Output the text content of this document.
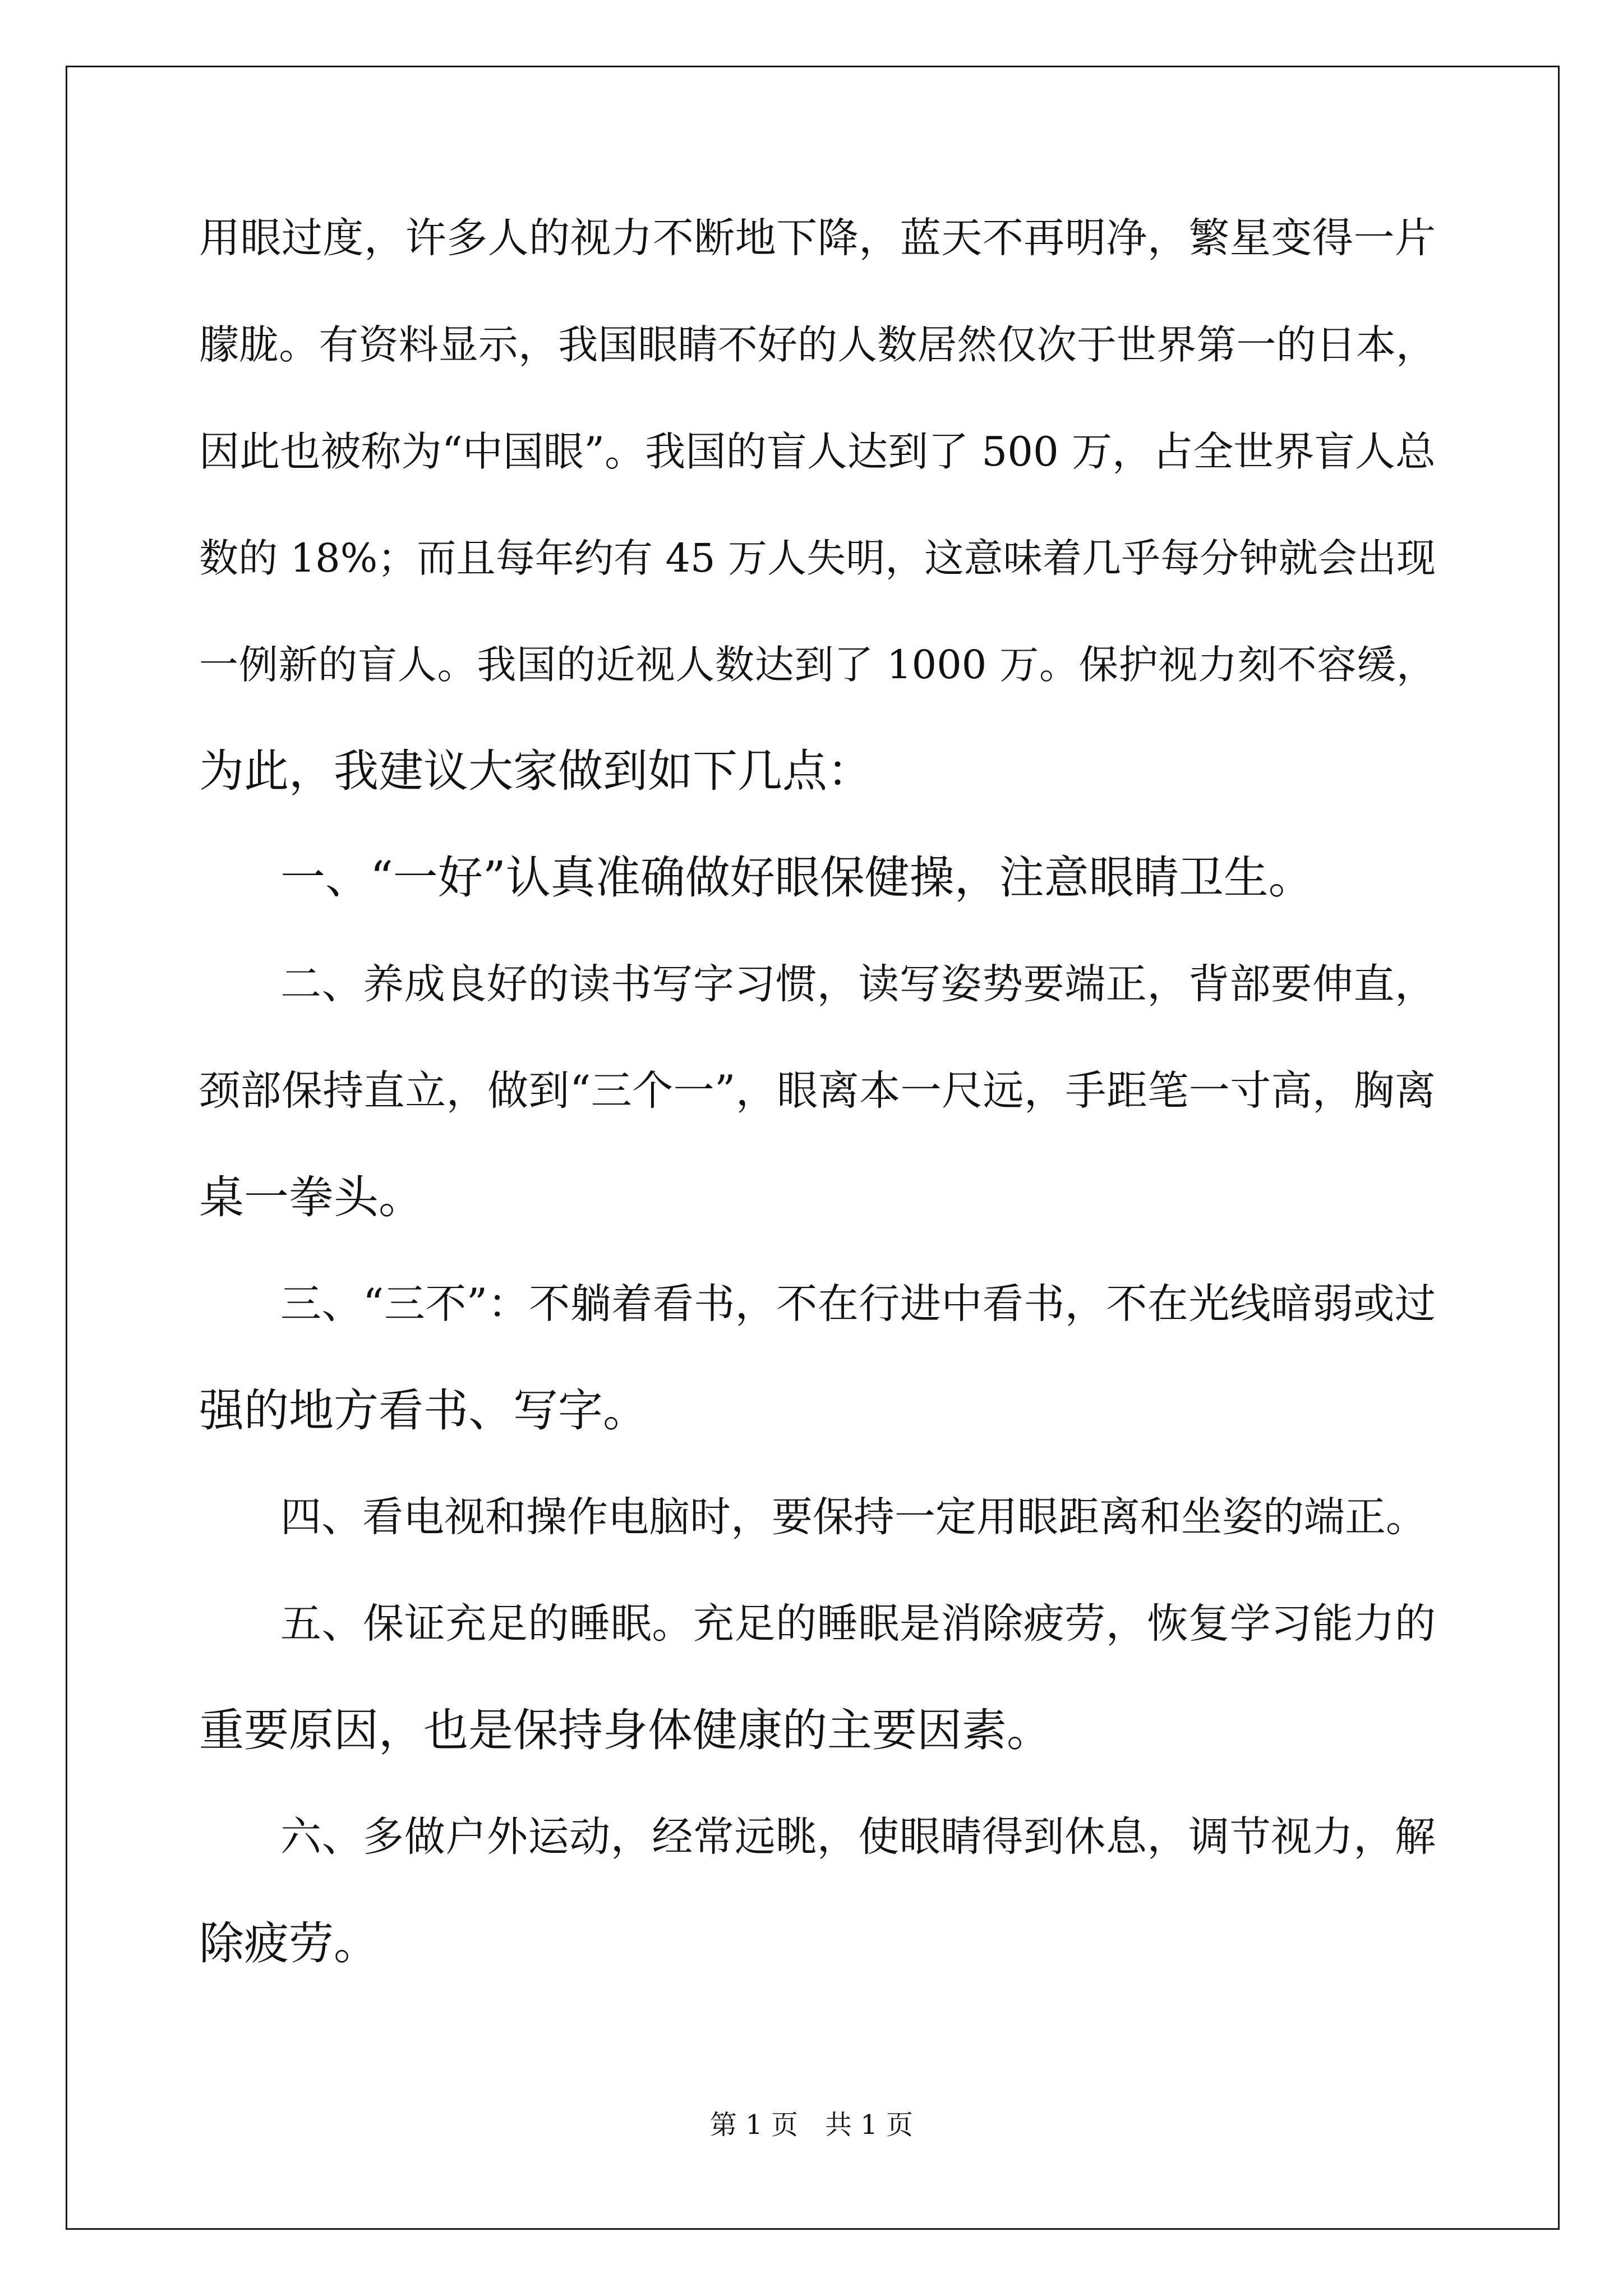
用眼过度，许多人的视力不断地下降，蓝天不再明净，繁星变得一片

朦胧。有资料显示，我国眼睛不好的人数居然仅次于世界第一的日本，

因此也被称为“中国眼”。我国的盲人达到了 500 万，占全世界盲人总

数的 18%；而且每年约有 45 万人失明，这意味着几乎每分钟就会出现

一例新的盲人。我国的近视人数达到了 1000 万。保护视力刻不容缓，

为此，我建议大家做到如下几点：

一、“一好”认真准确做好眼保健操，注意眼睛卫生。

二、养成良好的读书写字习惯，读写姿势要端正，背部要伸直，

颈部保持直立，做到“三个一”，眼离本一尺远，手距笔一寸高，胸离

桌一拳头。

三、“三不”：不躺着看书，不在行进中看书，不在光线暗弱或过

强的地方看书、写字。

四、看电视和操作电脑时，要保持一定用眼距离和坐姿的端正。

五、保证充足的睡眠。充足的睡眠是消除疲劳，恢复学习能力的

重要原因，也是保持身体健康的主要因素。

六、多做户外运动，经常远眺，使眼睛得到休息，调节视力，解

除疲劳。

第 1 页　共 1 页
